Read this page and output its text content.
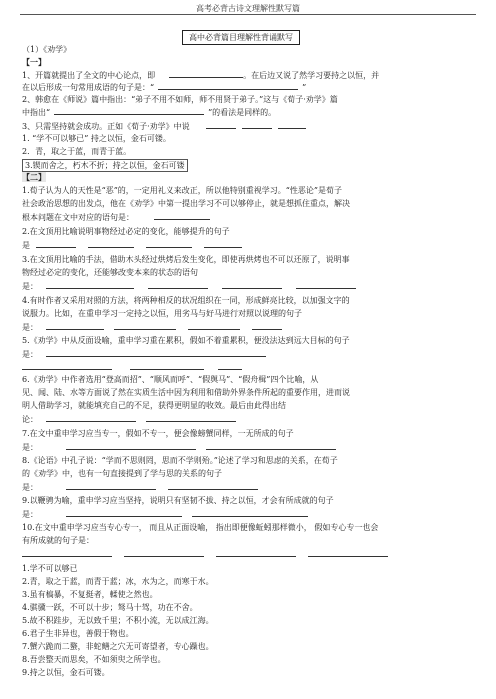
高考必背古诗文理解性默写篇
高中必背篇目理解性背诵默写
（1）《劝学》
【一】
1、开篇就提出了全文的中心论点，即	。在后边又说了然学习要持之以恒，并
在以后形成一句常用成语的句子是：“	”
2、韩愈在《师说》篇中指出：“弟子不用不如师，师不用贤于弟子。”这与《荀子·劝学》篇
中指出“	”的看法是同样的。
3、只需坚持就会成功。正如《荀子·劝学》中说
1. “学不可以够已” 持之以恒，金石可镂。
2．青，取之于蓝，而青于蓝。
3.锲而舍之，朽木不折；持之以恒，金石可镂
【二】
1.荀子认为人的天性是“恶”的，一定用礼义来改正，所以他特别重视学习。“性恶论”是荀子
社会政治思想的出发点，他在《劝学》中第一提出学习不可以够停止，就是想抓住重点，解决
根本问题在文中对应的语句是：
2.在文顶用比喻说明事物经过必定的变化，能够提升的句子
是
3.在文顶用比喻的手法，借助木头经过烘烤后发生变化，即使再烘烤也不可以还原了，说明事
物经过必定的变化，还能够改变本来的状态的语句
是：
4.有时作者又采用对照的方法，将两种相反的状况组织在一同，形成鲜亮比较，以加强文字的
说服力。比如，在重申学习一定持之以恒，用劣马与好马进行对照以说理的句子
是：
5.《劝学》中从反面设喻，重申学习重在累积，假如不着重累积，便没法达到远大目标的句子
是：
6.《劝学》中作者选用“登高而招”、“顺风而呼”、“假舆马”、“假舟楫”四个比喻，从
见、闻、陆、水等方面说了然在实质生活中因为利用和借助外界条件所起的重要作用，进而说
明人借助学习，就能填充自己的不足，获得更明显的收效。最后由此得出结
论：
7.在文中重申学习应当专一，假如不专一，便会像螃蟹同样，一无所成的句子
是：
8.《论语》中孔子说：“学而不思则罔，思而不学则殆。”论述了学习和思虑的关系，在荀子
的《劝学》中，也有一句直接提到了学与思的关系的句子
是：
9.以鞭骋为喻，重申学习应当坚持，说明只有坚韧不拔、持之以恒，才会有所成就的句子
是：
10.在文中重申学习应当专心专一， 而且从正面设喻， 指出即便像蚯蚓那样微小， 假如专心专一也会
有所成就的句子是：
1.学不可以够已
2.青，取之于蓝，而青于蓝；冰，水为之，而寒于水。
3.虽有槁暴，不复挺者，輮使之然也。
4.骐骥一跃，不可以十步；驽马十驾，功在不舍。
5.故不积跬步，无以致千里；不积小流，无以成江海。
6.君子生非异也，善假于物也。
7.蟹六跪而二螯，非蛇鳝之穴无可寄望者，专心躁也。
8.吾尝整天而思矣，不如须臾之所学也。
9.持之以恒，金石可镂。
